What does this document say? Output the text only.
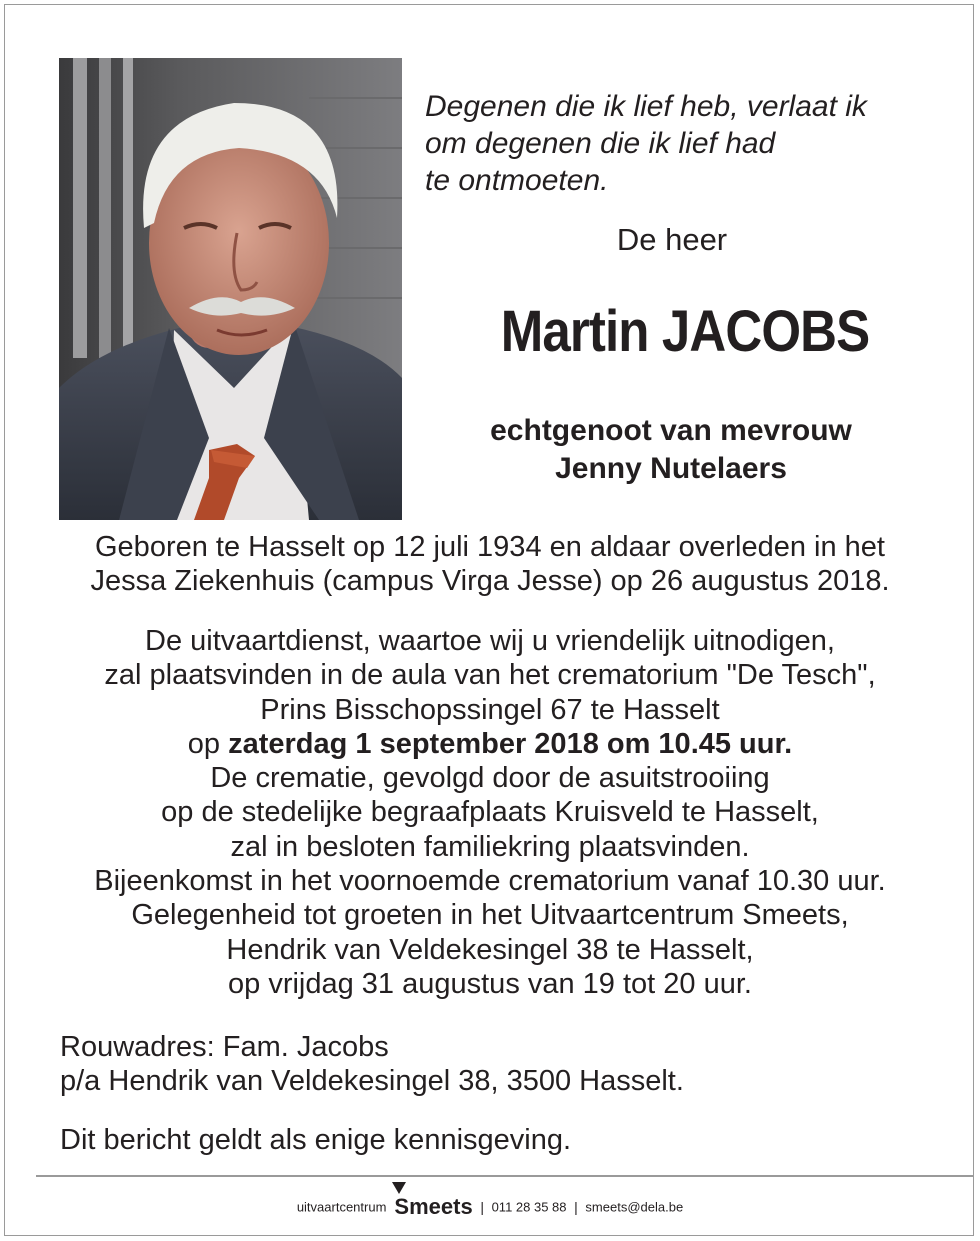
Degenen die ik lief heb, verlaat ik
om degenen die ik lief had
te ontmoeten.
De heer
Martin JACOBS
echtgenoot van mevrouw
Jenny Nutelaers
Geboren te Hasselt op 12 juli 1934 en aldaar overleden in het
Jessa Ziekenhuis (campus Virga Jesse) op 26 augustus 2018.
De uitvaartdienst, waartoe wij u vriendelijk uitnodigen,
zal plaatsvinden in de aula van het crematorium "De Tesch",
Prins Bisschopssingel 67 te Hasselt
op zaterdag 1 september 2018 om 10.45 uur.
De crematie, gevolgd door de asuitstrooiing
op de stedelijke begraafplaats Kruisveld te Hasselt,
zal in besloten familiekring plaatsvinden.
Bijeenkomst in het voornoemde crematorium vanaf 10.30 uur.
Gelegenheid tot groeten in het Uitvaartcentrum Smeets,
Hendrik van Veldekesingel 38 te Hasselt,
op vrijdag 31 augustus van 19 tot 20 uur.
Rouwadres: Fam. Jacobs
p/a Hendrik van Veldekesingel 38, 3500 Hasselt.
Dit bericht geldt als enige kennisgeving.
uitvaartcentrum Smeets | 011 28 35 88 | smeets@dela.be
